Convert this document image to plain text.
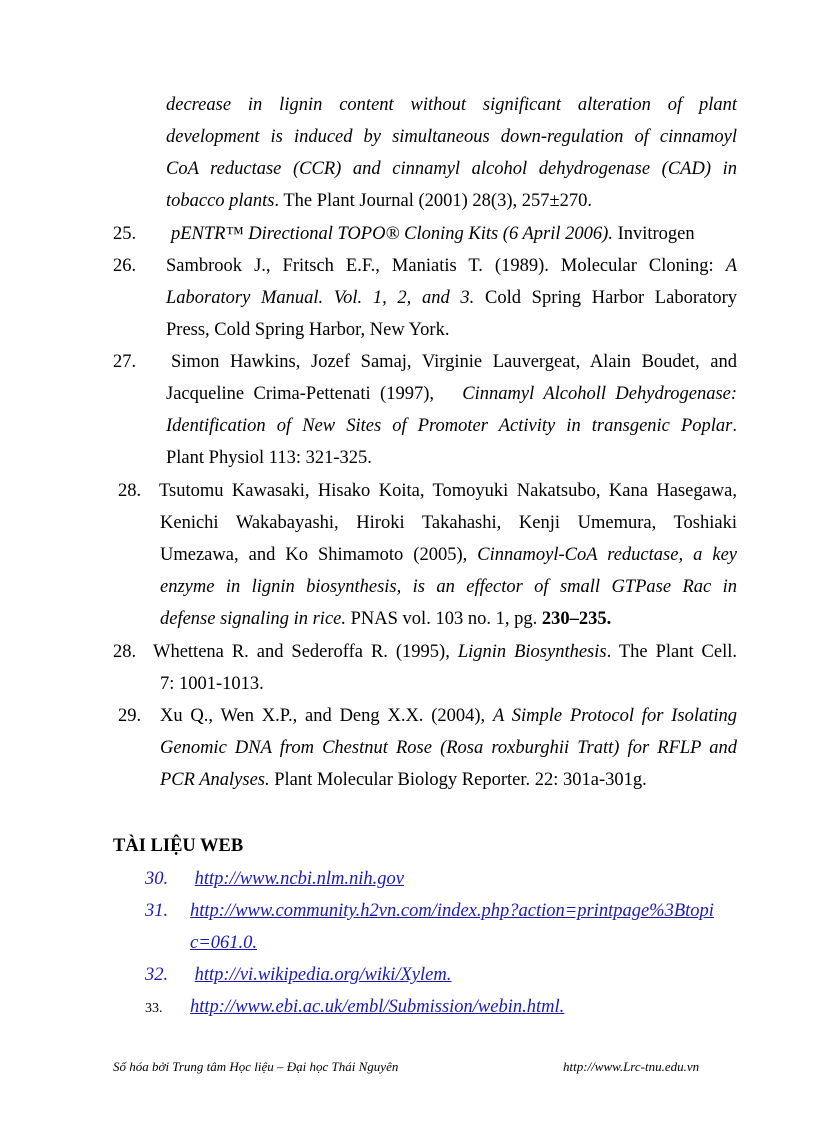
decrease in lignin content without significant alteration of plant
development is induced by simultaneous down-regulation of cinnamoyl
CoA reductase (CCR) and cinnamyl alcohol dehydrogenase (CAD) in
tobacco plants. The Plant Journal (2001) 28(3), 257±270.
25. pENTR™ Directional TOPO® Cloning Kits (6 April 2006). Invitrogen
26. Sambrook J., Fritsch E.F., Maniatis T. (1989). Molecular Cloning: A
Laboratory Manual. Vol. 1, 2, and 3. Cold Spring Harbor Laboratory
Press, Cold Spring Harbor, New York.
27. Simon Hawkins, Jozef Samaj, Virginie Lauvergeat, Alain Boudet, and
Jacqueline Crima-Pettenati (1997), Cinnamyl Alcoholl Dehydrogenase:
Identification of New Sites of Promoter Activity in transgenic Poplar.
Plant Physiol 113: 321-325.
28. Tsutomu Kawasaki, Hisako Koita, Tomoyuki Nakatsubo, Kana Hasegawa,
Kenichi Wakabayashi, Hiroki Takahashi, Kenji Umemura, Toshiaki
Umezawa, and Ko Shimamoto (2005), Cinnamoyl-CoA reductase, a key
enzyme in lignin biosynthesis, is an effector of small GTPase Rac in
defense signaling in rice. PNAS vol. 103 no. 1, pg. 230–235.
28. Whettena R. and Sederoffa R. (1995), Lignin Biosynthesis. The Plant Cell.
7: 1001-1013.
29. Xu Q., Wen X.P., and Deng X.X. (2004), A Simple Protocol for Isolating
Genomic DNA from Chestnut Rose (Rosa roxburghii Tratt) for RFLP and
PCR Analyses. Plant Molecular Biology Reporter. 22: 301a-301g.
TÀI LIỆU WEB
30. http://www.ncbi.nlm.nih.gov
31. http://www.community.h2vn.com/index.php?action=printpage%3Btopi
c=061.0.
32. http://vi.wikipedia.org/wiki/Xylem.
33. http://www.ebi.ac.uk/embl/Submission/webin.html.
Số hóa bởi Trung tâm Học liệu – Đại học Thái Nguyên	http://www.Lrc-tnu.edu.vn
